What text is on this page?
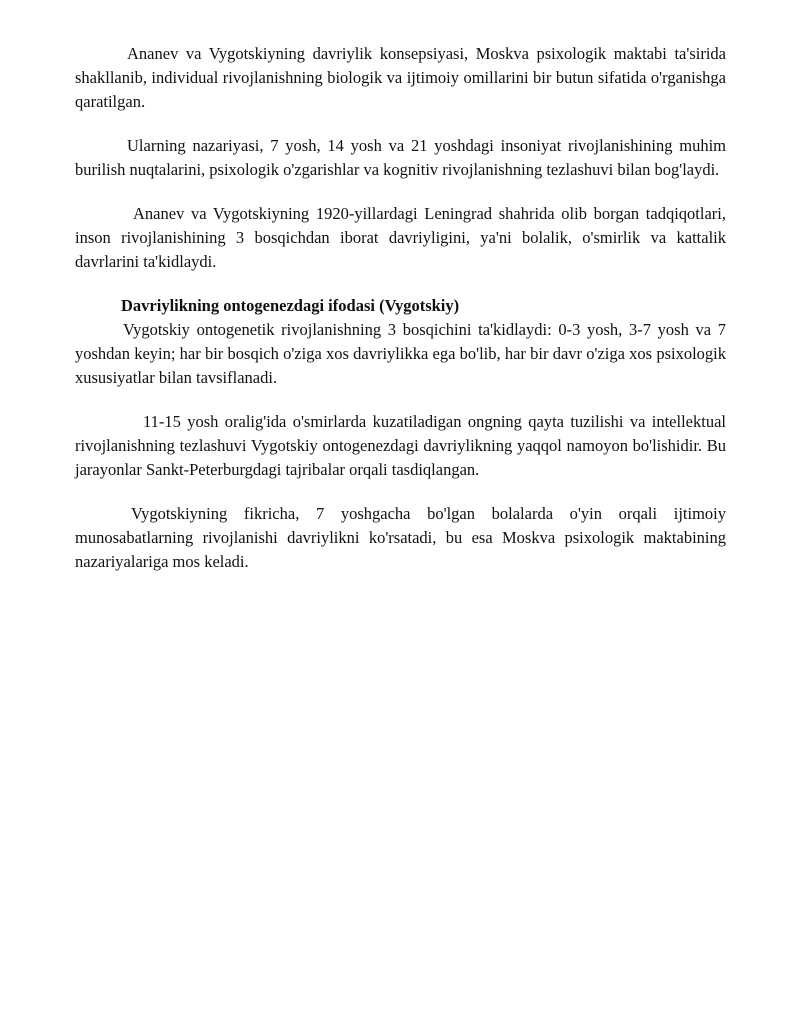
Ananev va Vygotskiyning davriylik konsepsiyasi, Moskva psixologik maktabi ta'sirida shakllanib, individual rivojlanishning biologik va ijtimoiy omillarini bir butun sifatida o'rganishga qaratilgan.

Ularning nazariyasi, 7 yosh, 14 yosh va 21 yoshdagi insoniyat rivojlanishining muhim burilish nuqtalarini, psixologik o'zgarishlar va kognitiv rivojlanishning tezlashuvi bilan bog'laydi.

Ananev va Vygotskiyning 1920-yillardagi Leningrad shahrida olib borgan tadqiqotlari, inson rivojlanishining 3 bosqichdan iborat davriyligini, ya'ni bolalik, o'smirlik va kattalik davrlarini ta'kidlaydi.

Davriylikning ontogenezdagi ifodasi (Vygotskiy)

Vygotskiy ontogenetik rivojlanishning 3 bosqichini ta'kidlaydi: 0-3 yosh, 3-7 yosh va 7 yoshdan keyin; har bir bosqich o'ziga xos davriylikka ega bo'lib, har bir davr o'ziga xos psixologik xususiyatlar bilan tavsiflanadi.

11-15 yosh oralig'ida o'smirlarda kuzatiladigan ongning qayta tuzilishi va intellektual rivojlanishning tezlashuvi Vygotskiy ontogenezdagi davriylikning yaqqol namoyon bo'lishidir. Bu jarayonlar Sankt-Peterburgdagi tajribalar orqali tasdiqlangan.

Vygotskiyning fikricha, 7 yoshgacha bo'lgan bolalarda o'yin orqali ijtimoiy munosabatlarning rivojlanishi davriylikni ko'rsatadi, bu esa Moskva psixologik maktabining nazariyalariga mos keladi.
